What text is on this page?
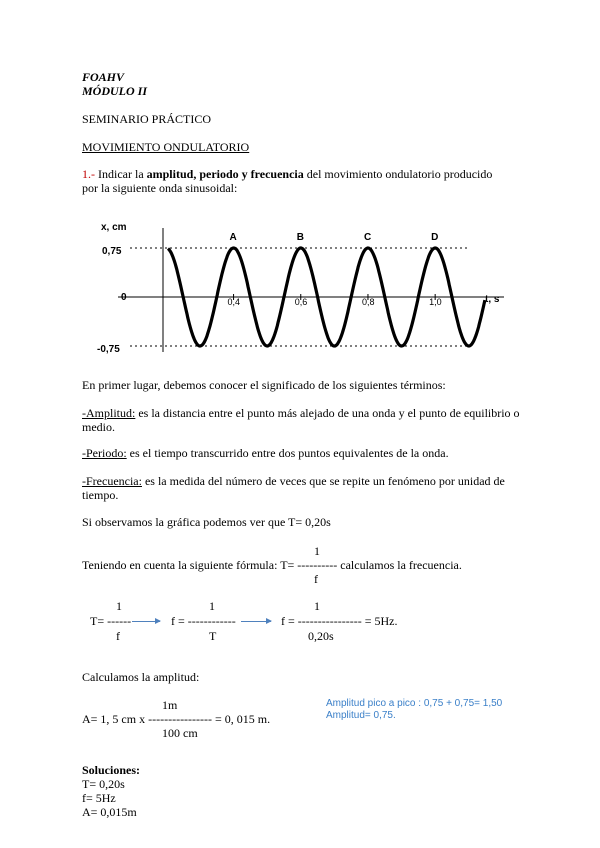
FOAHV
MÓDULO II
SEMINARIO PRÁCTICO
MOVIMIENTO ONDULATORIO
1.- Indicar la amplitud, periodo y frecuencia del movimiento ondulatorio producido
por la siguiente onda sinusoidal:
x, cm
t, s
0,75
0
-0,75
0,4	0,6	0,8	1,0
A	B	C	D
En primer lugar, debemos conocer el significado de los siguientes términos:
-Amplitud: es la distancia entre el punto más alejado de una onda y el punto de equilibrio o
medio.
-Periodo: es el tiempo transcurrido entre dos puntos equivalentes de la onda.
-Frecuencia: es la medida del número de veces que se repite un fenómeno por unidad de
tiempo.
Si observamos la gráfica podemos ver que T= 0,20s
1
Teniendo en cuenta la siguiente fórmula: T= ---------- calculamos la frecuencia.
f
1
T= ------
f
1
f = ------------
T
1
f = ---------------- = 5Hz.
0,20s
Calculamos la amplitud:
1m
A= 1, 5 cm x ---------------- = 0, 015 m.
100 cm
Amplitud pico a pico : 0,75 + 0,75= 1,50
Amplitud= 0,75.
Soluciones:
T= 0,20s
f= 5Hz
A= 0,015m
